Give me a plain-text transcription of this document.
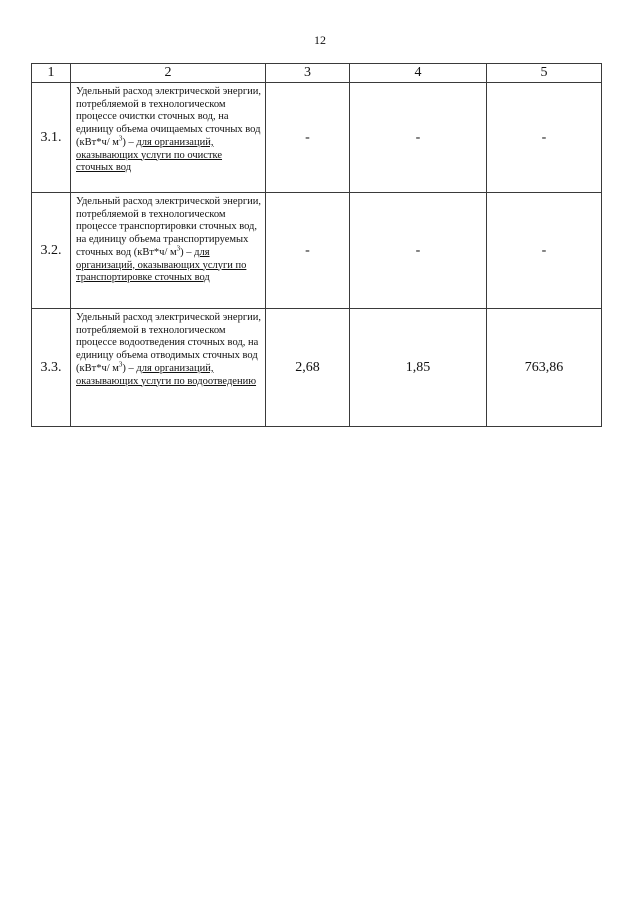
12
1	2	3	4	5
3.1.	Удельный расход электрической энергии, потребляемой в технологическом процессе очистки сточных вод, на единицу объема очищаемых сточных вод (кВт*ч/ $м^3$) – для организаций, оказывающих услуги по очистке сточных вод	-	-	-
3.2.	Удельный расход электрической энергии, потребляемой в технологическом процессе транспортировки сточных вод, на единицу объема транспортируемых сточных вод (кВт*ч/ $м^3$) – для организаций, оказывающих услуги по транспортировке сточных вод	-	-	-
3.3.	Удельный расход электрической энергии, потребляемой в технологическом процессе водоотведения сточных вод, на единицу объема отводимых сточных вод (кВт*ч/ $м^3$) – для организаций, оказывающих услуги по водоотведению	2,68	1,85	763,86
